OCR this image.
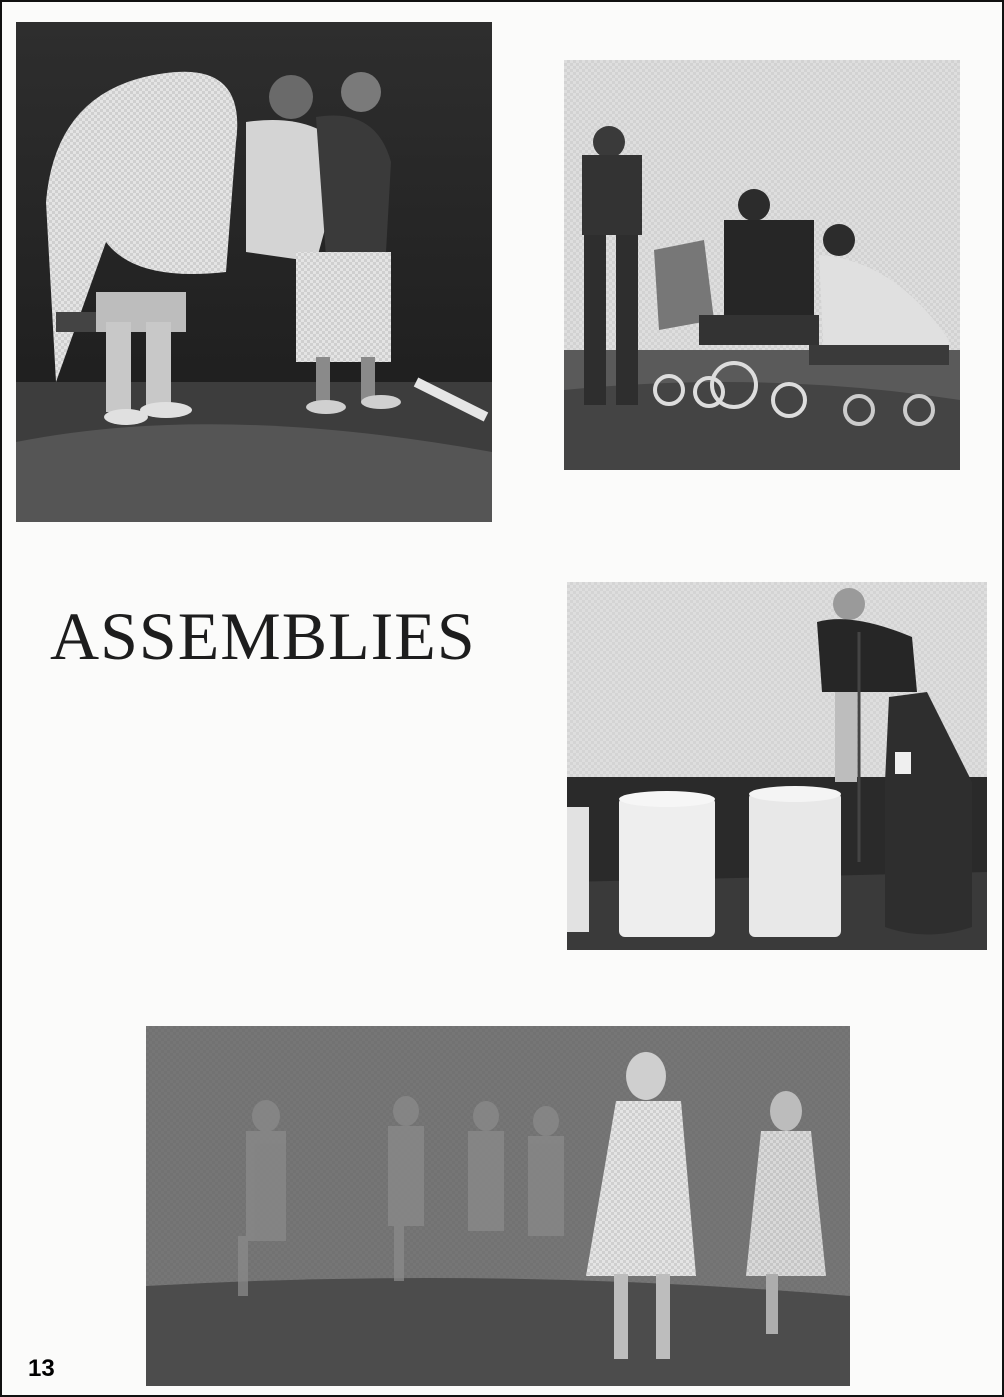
ASSEMBLIES
13
